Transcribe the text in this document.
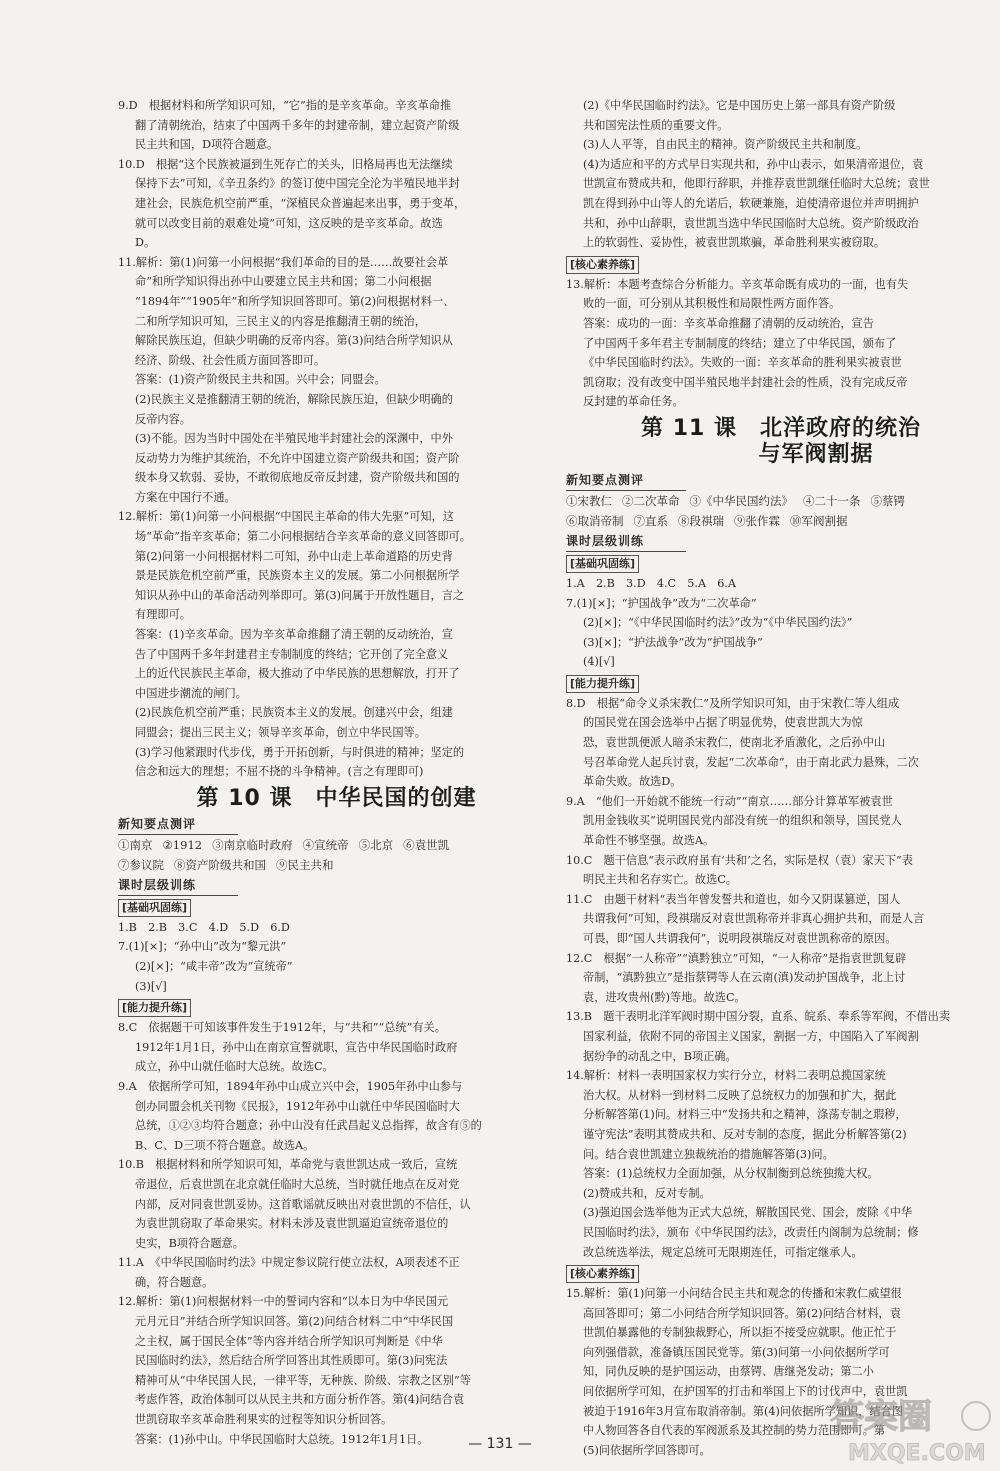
9.D　根据材料和所学知识可知，“它”指的是辛亥革命。辛亥革命推

翻了清朝统治，结束了中国两千多年的封建帝制，建立起资产阶级

民主共和国，D项符合题意。

10.D　根据“这个民族被逼到生死存亡的关头，旧格局再也无法继续

保持下去”可知，《辛丑条约》的签订使中国完全沦为半殖民地半封

建社会，民族危机空前严重，“深植民众普遍起来出事，勇于变革，

就可以改变目前的艰难处境”可知，这反映的是辛亥革命。故选

D。

11.解析：第(1)问第一小问根据“我们革命的目的是……故要社会革

命”和所学知识得出孙中山要建立民主共和国；第二小问根据

“1894年”“1905年”和所学知识回答即可。第(2)问根据材料一、

二和所学知识可知，三民主义的内容是推翻清王朝的统治，

解除民族压迫，但缺少明确的反帝内容。第(3)问结合所学知识从

经济、阶级、社会性质方面回答即可。

答案：(1)资产阶级民主共和国。兴中会；同盟会。

(2)民族主义是推翻清王朝的统治，解除民族压迫，但缺少明确的

反帝内容。

(3)不能。因为当时中国处在半殖民地半封建社会的深渊中，中外

反动势力为维护其统治，不允许中国建立资产阶级共和国；资产阶

级本身又软弱、妥协，不敢彻底地反帝反封建，资产阶级共和国的

方案在中国行不通。

12.解析：第(1)问第一小问根据“中国民主革命的伟大先驱”可知，这

场“革命”指辛亥革命；第二小问根据结合辛亥革命的意义回答即可。

第(2)问第一小问根据材料二可知，孙中山走上革命道路的历史背

景是民族危机空前严重，民族资本主义的发展。第二小问根据所学

知识从孙中山的革命活动列举即可。第(3)问属于开放性题目，言之

有理即可。

答案：(1)辛亥革命。因为辛亥革命推翻了清王朝的反动统治，宣

告了中国两千多年封建君主专制制度的终结；它开创了完全意义

上的近代民族民主革命，极大推动了中华民族的思想解放，打开了

中国进步潮流的闸门。

(2)民族危机空前严重；民族资本主义的发展。创建兴中会，组建

同盟会；提出三民主义；领导辛亥革命，创立中华民国等。

(3)学习他紧跟时代步伐，勇于开拓创新，与时俱进的精神；坚定的

信念和远大的理想；不屈不挠的斗争精神。(言之有理即可)

第 10 课　中华民国的创建
新知要点测评
①南京 ②1912 ③南京临时政府 ④宣统帝 ⑤北京 ⑥袁世凯
⑦参议院 ⑧资产阶级共和国 ⑨民主共和
课时层级训练
[基础巩固练]

1.B　2.B　3.C　4.D　5.D　6.D

7.(1)[×]；“孙中山”改为“黎元洪”

(2)[×]；“咸丰帝”改为“宣统帝”

(3)[√]

[能力提升练]

8.C　依据题干可知该事件发生于1912年，与“共和”“总统”有关。

1912年1月1日，孙中山在南京宣誓就职，宣告中华民国临时政府

成立，孙中山就任临时大总统。故选C。

9.A　依据所学可知，1894年孙中山成立兴中会，1905年孙中山参与

创办同盟会机关刊物《民报》，1912年孙中山就任中华民国临时大

总统，①②③均符合题意；孙中山没有任武昌起义总指挥，故含有⑤的

B、C、D三项不符合题意。故选A。

10.B　根据材料和所学知识可知，革命党与袁世凯达成一致后，宣统

帝退位，后袁世凯在北京就任临时大总统，当时就任地点在反对党

内部，反对同袁世凯妥协。这首歌谣就反映出对袁世凯的不信任，认

为袁世凯窃取了革命果实。材料未涉及袁世凯逼迫宣统帝退位的

史实，B项符合题意。

11.A　《中华民国临时约法》中规定参议院行使立法权，A项表述不正

确，符合题意。

12.解析：第(1)问根据材料一中的誓词内容和“以本日为中华民国元

元月元日”并结合所学知识回答。第(2)问结合材料二中“中华民国

之主权，属于国民全体”等内容并结合所学知识可判断是《中华

民国临时约法》，然后结合所学回答出其性质即可。第(3)问宪法

精神可从“中华民国人民，一律平等，无种族、阶级、宗教之区别”等

考虑作答，政治体制可以从民主共和方面分析作答。第(4)问结合袁

世凯窃取辛亥革命胜利果实的过程等知识分析回答。

答案：(1)孙中山。中华民国临时大总统。1912年1月1日。

(2)《中华民国临时约法》。它是中国历史上第一部具有资产阶级

共和国宪法性质的重要文件。

(3)人人平等，自由民主的精神。资产阶级民主共和制度。

(4)为适应和平的方式早日实现共和，孙中山表示，如果清帝退位，袁

世凯宣布赞成共和，他即行辞职，并推荐袁世凯继任临时大总统；袁世

凯在得到孙中山等人的允诺后，软硬兼施，迫使清帝退位并声明拥护

共和，孙中山辞职，袁世凯当选中华民国临时大总统。资产阶级政治

上的软弱性、妥协性，被袁世凯欺骗，革命胜利果实被窃取。

[核心素养练]

13.解析：本题考查综合分析能力。辛亥革命既有成功的一面，也有失

败的一面，可分别从其积极性和局限性两方面作答。

答案：成功的一面：辛亥革命推翻了清朝的反动统治，宣告

了中国两千多年君主专制制度的终结；建立了中华民国，颁布了

《中华民国临时约法》。失败的一面：辛亥革命的胜利果实被袁世

凯窃取；没有改变中国半殖民地半封建社会的性质，没有完成反帝

反封建的革命任务。

第 11 课　北洋政府的统治
与军阀割据
新知要点测评
①宋教仁 ②二次革命 ③《中华民国约法》 ④二十一条 ⑤蔡锷
⑥取消帝制 ⑦直系 ⑧段祺瑞 ⑨张作霖 ⑩军阀割据
课时层级训练
[基础巩固练]

1.A　2.B　3.D　4.C　5.A　6.A

7.(1)[×]；“护国战争”改为“二次革命”

(2)[×]；“《中华民国临时约法》”改为“《中华民国约法》”

(3)[×]；“护法战争”改为“护国战争”

(4)[√]

[能力提升练]

8.D　根据“命令义杀宋教仁”及所学知识可知，由于宋教仁等人组成

的国民党在国会选举中占据了明显优势，使袁世凯大为惊

恐，袁世凯便派人暗杀宋教仁，使南北矛盾激化，之后孙中山

号召革命党人起兵讨袁，发起“二次革命”，由于南北武力悬殊，二次

革命失败。故选D。

9.A　“他们一开始就不能统一行动”“南京……部分计算革军被袁世

凯用金钱收买”说明国民党内部没有统一的组织和领导，国民党人

革命性不够坚强。故选A。

10.C　题干信息“表示政府虽有‘共和’之名，实际是权（袁）家天下”表

明民主共和名存实亡。故选C。

11.C　由题干材料“表当年曾发誓共和道也，如今又阴谋篡逆，国人

共谓我何”可知，段祺瑞反对袁世凯称帝并非真心拥护共和，而是人言

可畏，即“国人共谓我何”，说明段祺瑞反对袁世凯称帝的原因。

12.C　根据“一人称帝”“滇黔独立”可知，“一人称帝”是指袁世凯复辟

帝制，“滇黔独立”是指蔡锷等人在云南(滇)发动护国战争，北上讨

袁，进攻贵州(黔)等地。故选C。

13.B　题干表明北洋军阀时期中国分裂，直系、皖系、奉系等军阀，不借出卖

国家利益，依附不同的帝国主义国家，割据一方，中国陷入了军阀割

据纷争的动乱之中，B项正确。

14.解析：材料一表明国家权力实行分立，材料二表明总揽国家统

治大权。从材料一到材料二反映了总统权力的加强和扩大，据此

分析解答第(1)问。材料三中“发扬共和之精神，涤荡专制之瑕秽，

谨守宪法”表明其赞成共和、反对专制的态度，据此分析解答第(2)

问。结合袁世凯建立独裁统治的措施解答第(3)问。

答案：(1)总统权力全面加强，从分权制衡到总统独揽大权。

(2)赞成共和，反对专制。

(3)强迫国会选举他为正式大总统，解散国民党、国会，废除《中华

民国临时约法》，颁布《中华民国约法》，改责任内阁制为总统制；修

改总统选举法，规定总统可无限期连任，可指定继承人。

[核心素养练]

15.解析：第(1)问第一小问结合民主共和观念的传播和宋教仁威望很

高回答即可；第二小问结合所学知识回答。第(2)问结合材料，袁

世凯伯暴露他的专制独裁野心，所以拒不接受应就职。他正忙于

向列强借款，准备镇压国民党等。第(3)问第一小问依据所学可

知，同仇反映的是护国运动，由蔡锷、唐继尧发动；第二小

问依据所学可知，在护国军的打击和举国上下的讨伐声中，袁世凯

被迫于1916年3月宣布取消帝制。第(4)问依据所学知识，结合图

中人物回答各自代表的军阀派系及其控制的势力范围即可。第

(5)问依据所学回答即可。

— 131 —
答案圈
MXQE.COM
